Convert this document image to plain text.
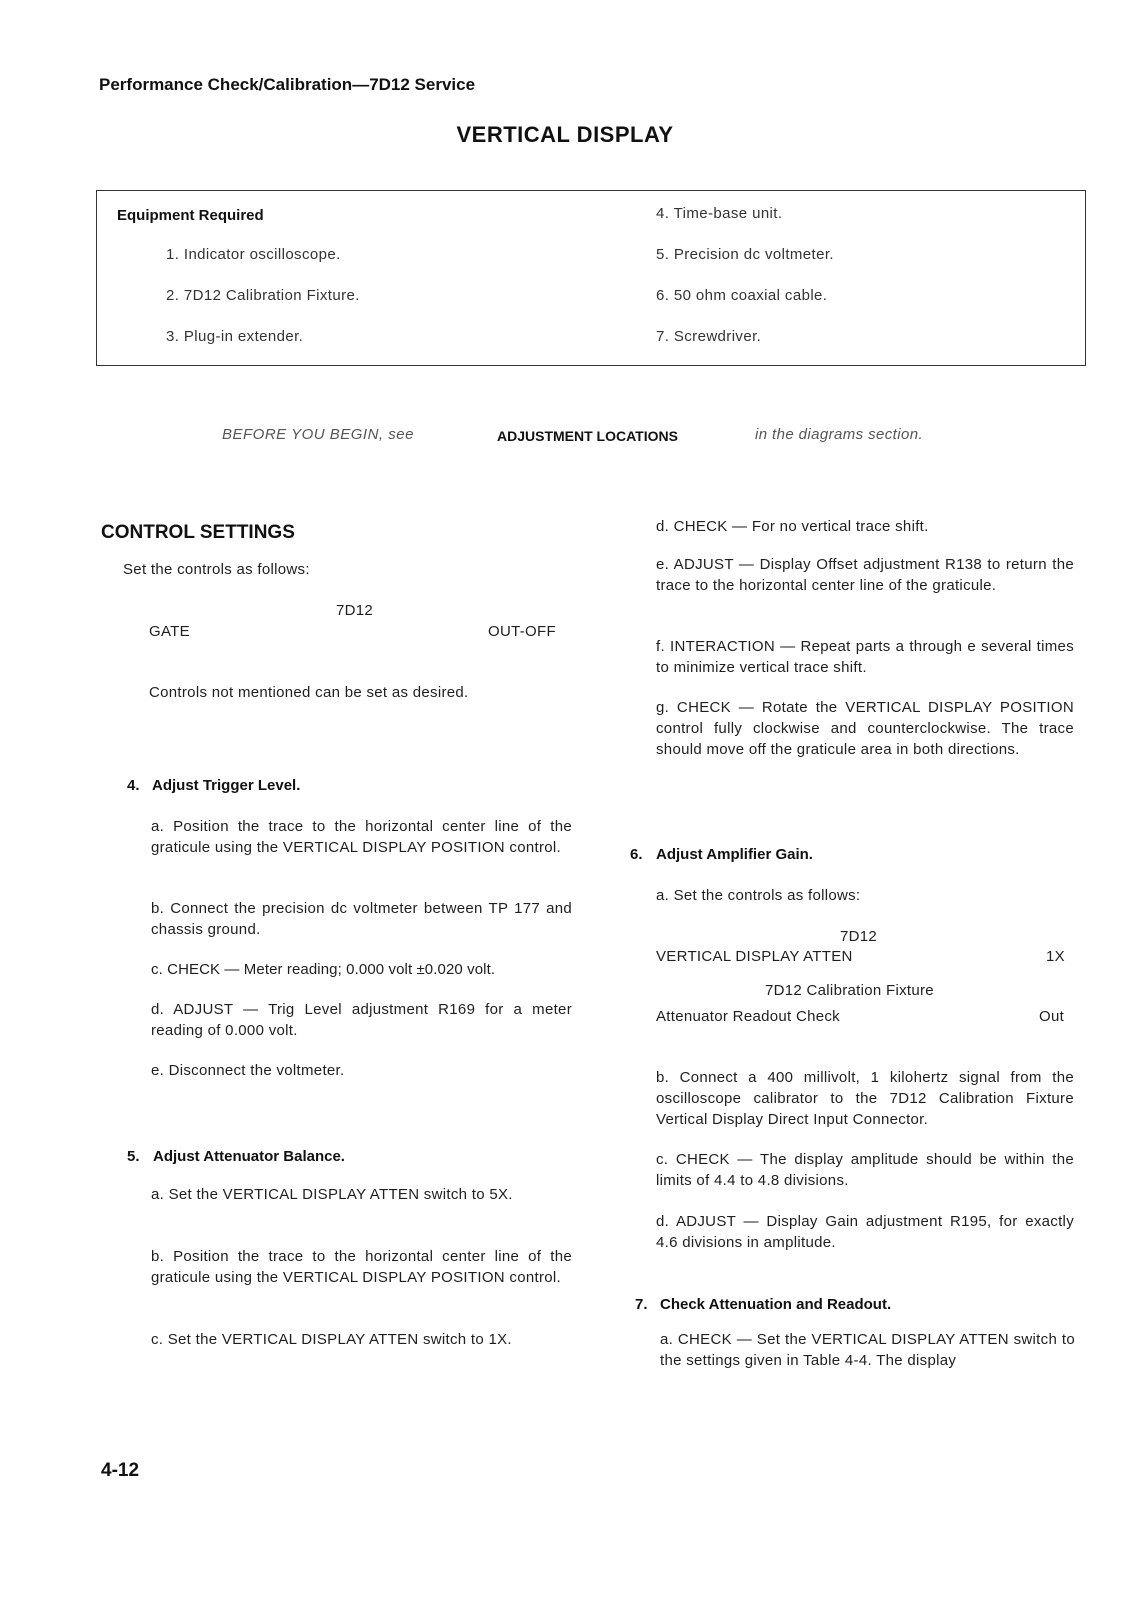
Performance Check/Calibration—7D12 Service
VERTICAL DISPLAY
Equipment Required
1. Indicator oscilloscope.
2. 7D12 Calibration Fixture.
3. Plug-in extender.
4. Time-base unit.
5. Precision dc voltmeter.
6. 50 ohm coaxial cable.
7. Screwdriver.
BEFORE YOU BEGIN, see	ADJUSTMENT LOCATIONS	in the diagrams section.
CONTROL SETTINGS
Set the controls as follows:
7D12
GATE	OUT-OFF
Controls not mentioned can be set as desired.
4. Adjust Trigger Level.
a. Position the trace to the horizontal center line of the graticule using the VERTICAL DISPLAY POSITION control.
b. Connect the precision dc voltmeter between TP 177 and chassis ground.
c. CHECK — Meter reading; 0.000 volt ±0.020 volt.
d. ADJUST — Trig Level adjustment R169 for a meter reading of 0.000 volt.
e. Disconnect the voltmeter.
5. Adjust Attenuator Balance.
a. Set the VERTICAL DISPLAY ATTEN switch to 5X.
b. Position the trace to the horizontal center line of the graticule using the VERTICAL DISPLAY POSITION control.
c. Set the VERTICAL DISPLAY ATTEN switch to 1X.
d. CHECK — For no vertical trace shift.
e. ADJUST — Display Offset adjustment R138 to return the trace to the horizontal center line of the graticule.
f. INTERACTION — Repeat parts a through e several times to minimize vertical trace shift.
g. CHECK — Rotate the VERTICAL DISPLAY POSITION control fully clockwise and counterclockwise. The trace should move off the graticule area in both directions.
6. Adjust Amplifier Gain.
a. Set the controls as follows:
7D12
VERTICAL DISPLAY ATTEN	1X
7D12 Calibration Fixture
Attenuator Readout Check	Out
b. Connect a 400 millivolt, 1 kilohertz signal from the oscilloscope calibrator to the 7D12 Calibration Fixture Vertical Display Direct Input Connector.
c. CHECK — The display amplitude should be within the limits of 4.4 to 4.8 divisions.
d. ADJUST — Display Gain adjustment R195, for exactly 4.6 divisions in amplitude.
7. Check Attenuation and Readout.
a. CHECK — Set the VERTICAL DISPLAY ATTEN switch to the settings given in Table 4-4. The display
4-12
